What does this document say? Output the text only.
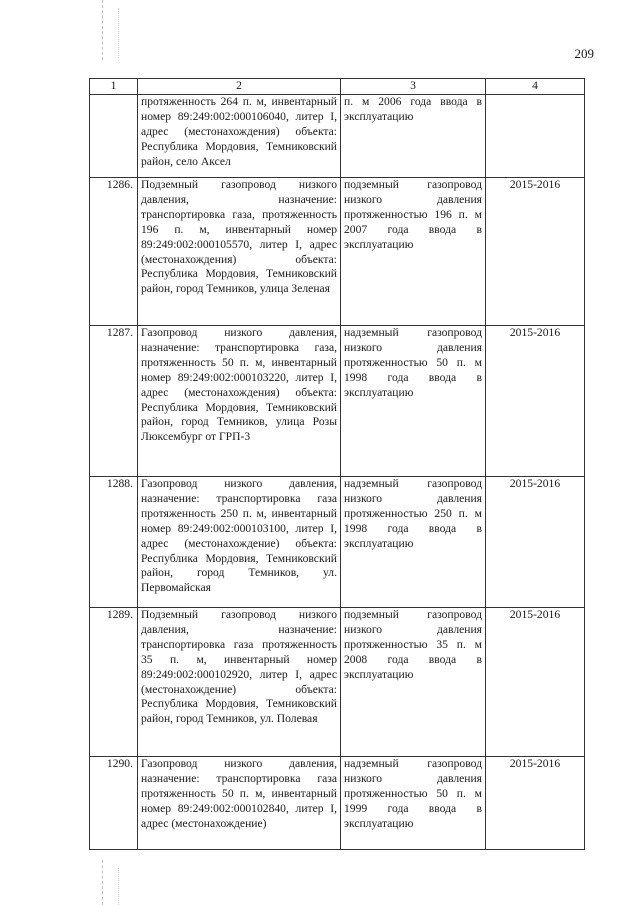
209
1	2	3	4
	протяженность 264 п. м, инвентарный номер 89:249:002:000106040, литер I, адрес (местонахождения) объекта: Республика Мордовия, Темниковский район, село Аксел	п. м 2006 года ввода в эксплуатацию	
1286.	Подземный газопровод низкого давления, назначение: транспортировка газа, протяженность 196 п. м, инвентарный номер 89:249:002:000105570, литер I, адрес (местонахождения) объекта: Республика Мордовия, Темниковский район, город Темников, улица Зеленая	подземный газопровод низкого давления протяженностью 196 п. м 2007 года ввода в эксплуатацию	2015-2016
1287.	Газопровод низкого давления, назначение: транспортировка газа, протяженность 50 п. м, инвентарный номер 89:249:002:000103220, литер I, адрес (местонахождения) объекта: Республика Мордовия, Темниковский район, город Темников, улица Розы Люксембург от ГРП-3	надземный газопровод низкого давления протяженностью 50 п. м 1998 года ввода в эксплуатацию	2015-2016
1288.	Газопровод низкого давления, назначение: транспортировка газа протяженность 250 п. м, инвентарный номер 89:249:002:000103100, литер I, адрес (местонахождение) объекта: Республика Мордовия, Темниковский район, город Темников, ул. Первомайская	надземный газопровод низкого давления протяженностью 250 п. м 1998 года ввода в эксплуатацию	2015-2016
1289.	Подземный газопровод низкого давления, назначение: транспортировка газа протяженность 35 п. м, инвентарный номер 89:249:002:000102920, литер I, адрес (местонахождение) объекта: Республика Мордовия, Темниковский район, город Темников, ул. Полевая	подземный газопровод низкого давления протяженностью 35 п. м 2008 года ввода в эксплуатацию	2015-2016
1290.	Газопровод низкого давления, назначение: транспортировка газа протяженность 50 п. м, инвентарный номер 89:249:002:000102840, литер I, адрес (местонахождение)	надземный газопровод низкого давления протяженностью 50 п. м 1999 года ввода в эксплуатацию	2015-2016
